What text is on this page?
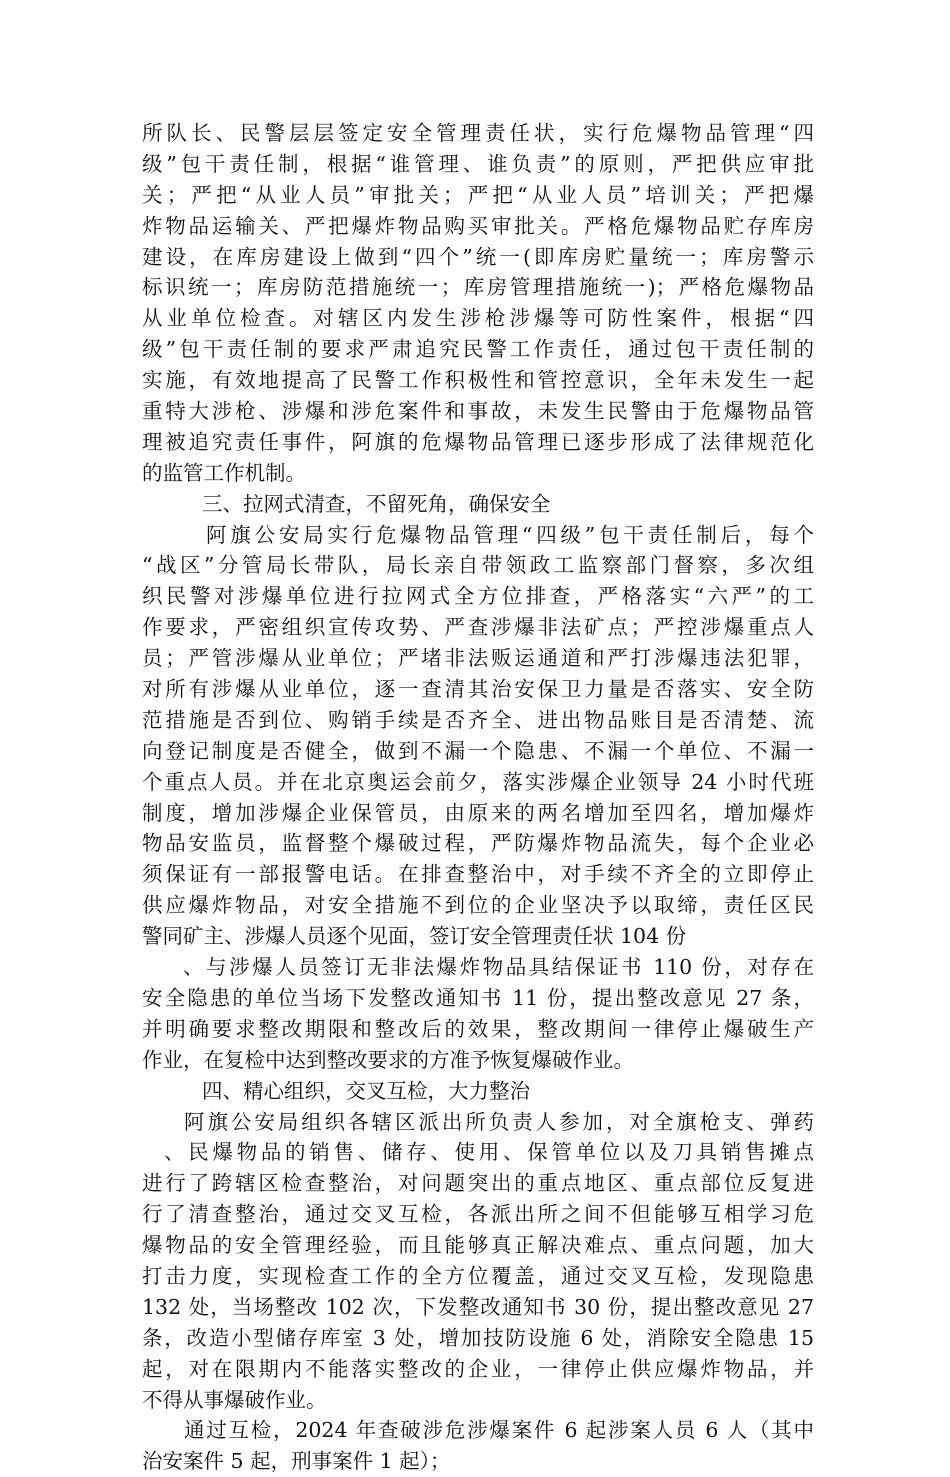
所队长、民警层层签定安全管理责任状，实行危爆物品管理“四
级”包干责任制，根据“谁管理、谁负责”的原则，严把供应审批
关；严把“从业人员”审批关；严把“从业人员”培训关；严把爆
炸物品运输关、严把爆炸物品购买审批关。严格危爆物品贮存库房
建设，在库房建设上做到“四个”统一(即库房贮量统一；库房警示
标识统一；库房防范措施统一；库房管理措施统一)；严格危爆物品
从业单位检查。对辖区内发生涉枪涉爆等可防性案件，根据“四
级”包干责任制的要求严肃追究民警工作责任，通过包干责任制的
实施，有效地提高了民警工作积极性和管控意识，全年未发生一起
重特大涉枪、涉爆和涉危案件和事故，未发生民警由于危爆物品管
理被追究责任事件，阿旗的危爆物品管理已逐步形成了法律规范化
的监管工作机制。
三、拉网式清查，不留死角，确保安全
阿旗公安局实行危爆物品管理“四级”包干责任制后，每个
“战区”分管局长带队，局长亲自带领政工监察部门督察，多次组
织民警对涉爆单位进行拉网式全方位排查，严格落实“六严”的工
作要求，严密组织宣传攻势、严查涉爆非法矿点；严控涉爆重点人
员；严管涉爆从业单位；严堵非法贩运通道和严打涉爆违法犯罪，
对所有涉爆从业单位，逐一查清其治安保卫力量是否落实、安全防
范措施是否到位、购销手续是否齐全、进出物品账目是否清楚、流
向登记制度是否健全，做到不漏一个隐患、不漏一个单位、不漏一
个重点人员。并在北京奥运会前夕，落实涉爆企业领导 24 小时代班
制度，增加涉爆企业保管员，由原来的两名增加至四名，增加爆炸
物品安监员，监督整个爆破过程，严防爆炸物品流失，每个企业必
须保证有一部报警电话。在排查整治中，对手续不齐全的立即停止
供应爆炸物品，对安全措施不到位的企业坚决予以取缔，责任区民
警同矿主、涉爆人员逐个见面，签订安全管理责任状 104 份
、与涉爆人员签订无非法爆炸物品具结保证书 110 份，对存在
安全隐患的单位当场下发整改通知书 11 份，提出整改意见 27 条，
并明确要求整改期限和整改后的效果，整改期间一律停止爆破生产
作业，在复检中达到整改要求的方准予恢复爆破作业。
四、精心组织，交叉互检，大力整治
阿旗公安局组织各辖区派出所负责人参加，对全旗枪支、弹药
、民爆物品的销售、储存、使用、保管单位以及刀具销售摊点
进行了跨辖区检查整治，对问题突出的重点地区、重点部位反复进
行了清查整治，通过交叉互检，各派出所之间不但能够互相学习危
爆物品的安全管理经验，而且能够真正解决难点、重点问题，加大
打击力度，实现检查工作的全方位覆盖，通过交叉互检，发现隐患
132 处，当场整改 102 次，下发整改通知书 30 份，提出整改意见 27
条，改造小型储存库室 3 处，增加技防设施 6 处，消除安全隐患 15
起，对在限期内不能落实整改的企业，一律停止供应爆炸物品，并
不得从事爆破作业。
通过互检，2024 年查破涉危涉爆案件 6 起涉案人员 6 人（其中
治安案件 5 起，刑事案件 1 起）；
